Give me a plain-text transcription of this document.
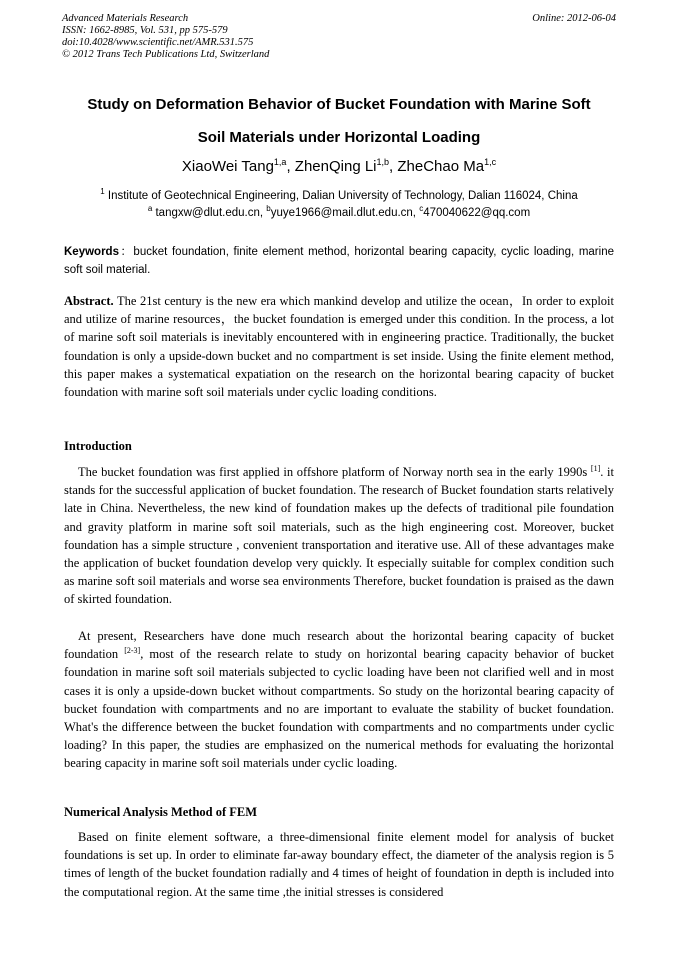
Advanced Materials Research
ISSN: 1662-8985, Vol. 531, pp 575-579
doi:10.4028/www.scientific.net/AMR.531.575
© 2012 Trans Tech Publications Ltd, Switzerland
Online: 2012-06-04
Study on Deformation Behavior of Bucket Foundation with Marine Soft
Soil Materials under Horizontal Loading
XiaoWei Tang$^{1,a}$, ZhenQing Li$^{1,b}$, ZheChao Ma$^{1,c}$
$^1$ Institute of Geotechnical Engineering, Dalian University of Technology, Dalian 116024, China
$^a$ tangxw@dlut.edu.cn, $^b$yuye1966@mail.dlut.edu.cn, $^c$470040622@qq.com
Keywords：bucket foundation, finite element method, horizontal bearing capacity, cyclic loading, marine soft soil material.
Abstract. The 21st century is the new era which mankind develop and utilize the ocean，In order to exploit and utilize of marine resources，the bucket foundation is emerged under this condition. In the process, a lot of marine soft soil materials is inevitably encountered with in engineering practice. Traditionally, the bucket foundation is only a upside-down bucket and no compartment is set inside. Using the finite element method, this paper makes a systematical expatiation on the research on the horizontal bearing capacity of bucket foundation with marine soft soil materials under cyclic loading conditions.
Introduction
The bucket foundation was first applied in offshore platform of Norway north sea in the early 1990s [1]. it stands for the successful application of bucket foundation. The research of Bucket foundation starts relatively late in China. Nevertheless, the new kind of foundation makes up the defects of traditional pile foundation and gravity platform in marine soft soil materials, such as the high engineering cost. Moreover, bucket foundation has a simple structure , convenient transportation and iterative use. All of these advantages make the application of bucket foundation develop very quickly. It especially suitable for complex condition such as marine soft soil materials and worse sea environments Therefore, bucket foundation is praised as the dawn of skirted foundation.
At present, Researchers have done much research about the horizontal bearing capacity of bucket foundation [2-3], most of the research relate to study on horizontal bearing capacity behavior of bucket foundation in marine soft soil materials subjected to cyclic loading have been not clarified well and in most cases it is only a upside-down bucket without compartments. So study on the horizontal bearing capacity of bucket foundation with compartments and no are important to evaluate the stability of bucket foundation. What's the difference between the bucket foundation with compartments and no compartments under cyclic loading? In this paper, the studies are emphasized on the numerical methods for evaluating the horizontal bearing capacity in marine soft soil materials under cyclic loading.
Numerical Analysis Method of FEM
Based on finite element software, a three-dimensional finite element model for analysis of bucket foundations is set up. In order to eliminate far-away boundary effect, the diameter of the analysis region is 5 times of length of the bucket foundation radially and 4 times of height of foundation in depth is included into the computational region. At the same time ,the initial stresses is considered
